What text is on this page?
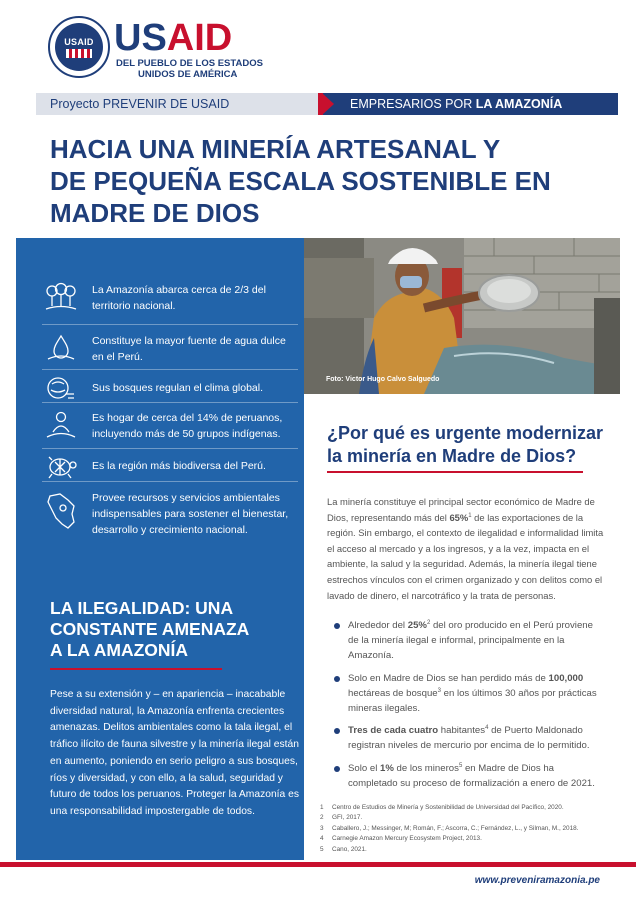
USAID USAID
DEL PUEBLO DE LOS ESTADOS
UNIDOS DE AMÉRICA
Proyecto PREVENIR DE USAID	EMPRESARIOS POR LA AMAZONÍA
HACIA UNA MINERÍA ARTESANAL Y
DE PEQUEÑA ESCALA SOSTENIBLE EN
MADRE DE DIOS
La Amazonía abarca cerca de 2/3 del territorio nacional.
Constituye la mayor fuente de agua dulce en el Perú.
Sus bosques regulan el clima global.
Es hogar de cerca del 14% de peruanos, incluyendo más de 50 grupos indígenas.
Es la región más biodiversa del Perú.
Provee recursos y servicios ambientales indispensables para sostener el bienestar, desarrollo y crecimiento nacional.
LA ILEGALIDAD: UNA
CONSTANTE AMENAZA
A LA AMAZONÍA
Pese a su extensión y – en apariencia – inacabable diversidad natural, la Amazonía enfrenta crecientes amenazas. Delitos ambientales como la tala ilegal, el tráfico ilícito de fauna silvestre y la minería ilegal están en aumento, poniendo en serio peligro a sus bosques, ríos y diversidad, y con ello, a la salud, seguridad y futuro de todos los peruanos. Proteger la Amazonía es una responsabilidad impostergable de todos.
Foto: Victor Hugo Calvo Salguedo
¿Por qué es urgente modernizar
la minería en Madre de Dios?
La minería constituye el principal sector económico de Madre de Dios, representando más del 65%$^1$ de las exportaciones de la región. Sin embargo, el contexto de ilegalidad e informalidad limita el acceso al mercado y a los ingresos, y a la vez, impacta en el ambiente, la salud y la seguridad. Además, la minería ilegal tiene estrechos vínculos con el crimen organizado y con delitos como el lavado de dinero, el narcotráfico y la trata de personas.
Alrededor del 25%$^2$ del oro producido en el Perú proviene de la minería ilegal e informal, principalmente en la Amazonía.
Solo en Madre de Dios se han perdido más de 100,000 hectáreas de bosque$^3$ en los últimos 30 años por prácticas mineras ilegales.
Tres de cada cuatro habitantes$^4$ de Puerto Maldonado registran niveles de mercurio por encima de lo permitido.
Solo el 1% de los mineros$^5$ en Madre de Dios ha completado su proceso de formalización a enero de 2021.
1 Centro de Estudios de Minería y Sostenibilidad de Universidad del Pacífico, 2020.
2 GFI, 2017.
3 Caballero, J.; Messinger, M; Román, F.; Ascorra, C.; Fernández, L., y Silman, M., 2018.
4 Carnegie Amazon Mercury Ecosystem Project, 2013.
5 Cano, 2021.
www.preveniramazonia.pe
